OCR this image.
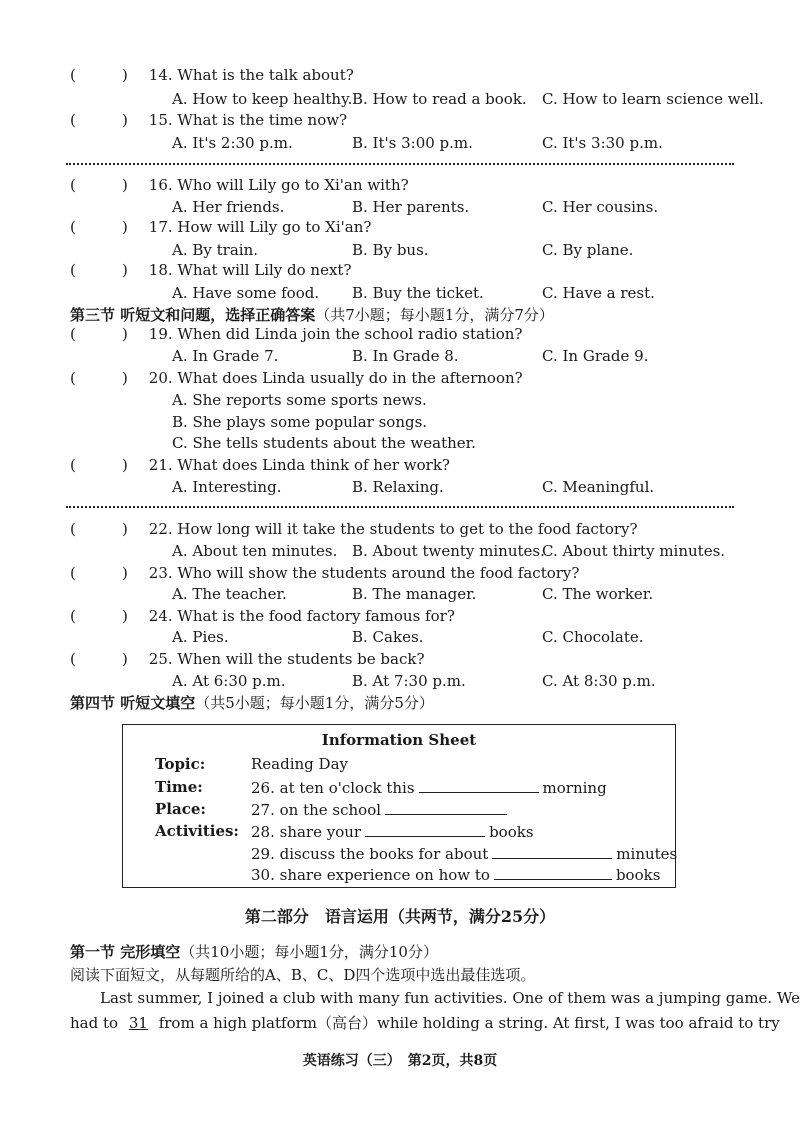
(	) 14. What is the talk about?
A. How to keep healthy. B. How to read a book. C. How to learn science well.
(	) 15. What is the time now?
A. It's 2:30 p.m.	B. It's 3:00 p.m.	C. It's 3:30 p.m.
(	) 16. Who will Lily go to Xi'an with?
A. Her friends.	B. Her parents.	C. Her cousins.
(	) 17. How will Lily go to Xi'an?
A. By train.	B. By bus.	C. By plane.
(	) 18. What will Lily do next?
A. Have some food. B. Buy the ticket.	C. Have a rest.
第三节 听短文和问题，选择正确答案（共7小题；每小题1分，满分7分）
(	) 19. When did Linda join the school radio station?
A. In Grade 7.	B. In Grade 8.	C. In Grade 9.
(	) 20. What does Linda usually do in the afternoon?
A. She reports some sports news.
B. She plays some popular songs.
C. She tells students about the weather.
(	) 21. What does Linda think of her work?
A. Interesting.	B. Relaxing.	C. Meaningful.
(	) 22. How long will it take the students to get to the food factory?
A. About ten minutes. B. About twenty minutes.
C. About thirty minutes.
(	) 23. Who will show the students around the food factory?
A. The teacher.	B. The manager.	C. The worker.
(	) 24. What is the food factory famous for?
A. Pies.	B. Cakes.	C. Chocolate.
(	) 25. When will the students be back?
A. At 6:30 p.m.	B. At 7:30 p.m.	C. At 8:30 p.m.
第四节 听短文填空（共5小题；每小题1分，满分5分）
Information Sheet
Topic:	Reading Day
Time:	26. at ten o'clock this	morning
Place:	27. on the school
Activities: 28. share your	books
29. discuss the books for about	minutes
30. share experience on how to	books
第二部分　语言运用（共两节，满分25分）
第一节 完形填空（共10小题；每小题1分，满分10分）
阅读下面短文，从每题所给的A、B、C、D四个选项中选出最佳选项。
Last summer, I joined a club with many fun activities. One of them was a jumping game. We
had to 31 from a high platform（高台）while holding a string. At first, I was too afraid to try
英语练习（三）　第2页，共8页
